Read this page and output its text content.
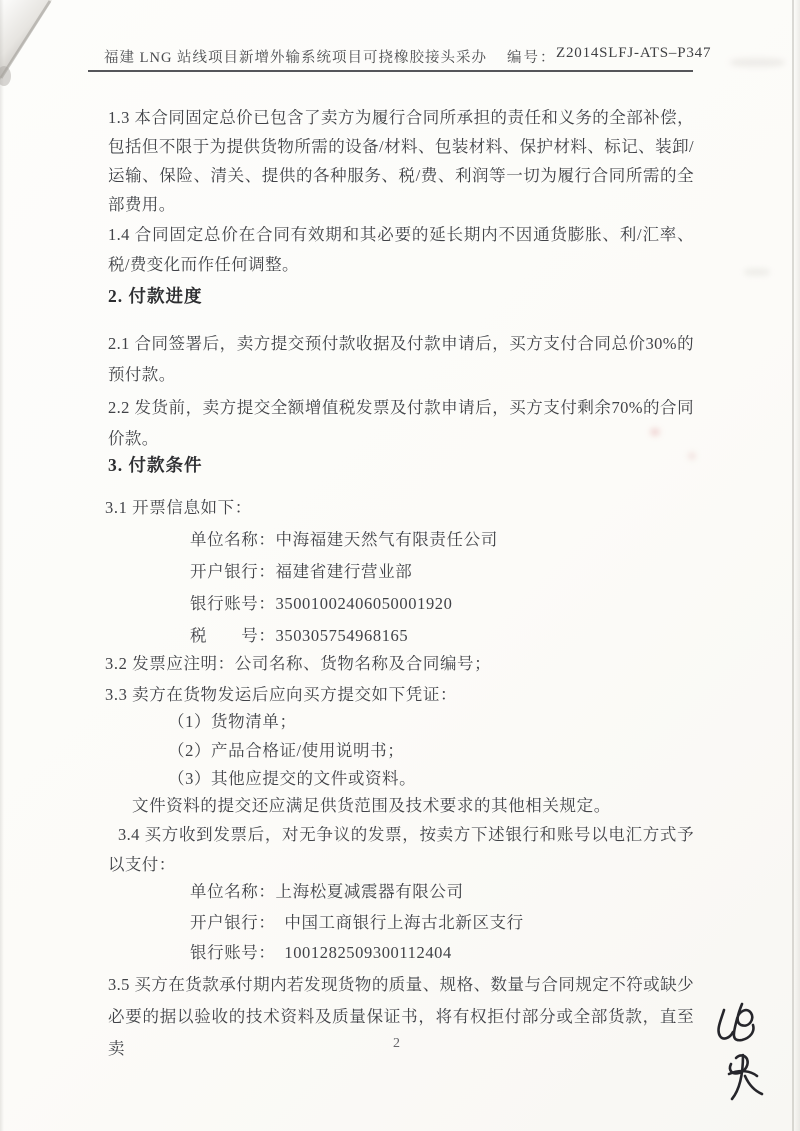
福建 LNG 站线项目新增外输系统项目可挠橡胶接头采办 编号： Z2014SLFJ-ATS–P347
1.3 本合同固定总价已包含了卖方为履行合同所承担的责任和义务的全部补偿，包括但不限于为提供货物所需的设备/材料、包装材料、保护材料、标记、装卸/运输、保险、清关、提供的各种服务、税/费、利润等一切为履行合同所需的全部费用。
1.4 合同固定总价在合同有效期和其必要的延长期内不因通货膨胀、利/汇率、税/费变化而作任何调整。
2. 付款进度
2.1 合同签署后，卖方提交预付款收据及付款申请后，买方支付合同总价30%的预付款。
2.2 发货前，卖方提交全额增值税发票及付款申请后，买方支付剩余70%的合同价款。
3. 付款条件
3.1 开票信息如下：
单位名称：中海福建天然气有限责任公司
开户银行：福建省建行营业部
银行账号：35001002406050001920
税　　号：350305754968165
3.2 发票应注明：公司名称、货物名称及合同编号；
3.3 卖方在货物发运后应向买方提交如下凭证：
（1）货物清单；
（2）产品合格证/使用说明书；
（3）其他应提交的文件或资料。
文件资料的提交还应满足供货范围及技术要求的其他相关规定。
3.4 买方收到发票后，对无争议的发票，按卖方下述银行和账号以电汇方式予以支付：
单位名称：上海松夏减震器有限公司
开户银行：　中国工商银行上海古北新区支行
银行账号：　1001282509300112404
3.5 买方在货款承付期内若发现货物的质量、规格、数量与合同规定不符或缺少必要的据以验收的技术资料及质量保证书，将有权拒付部分或全部货款，直至卖	2
